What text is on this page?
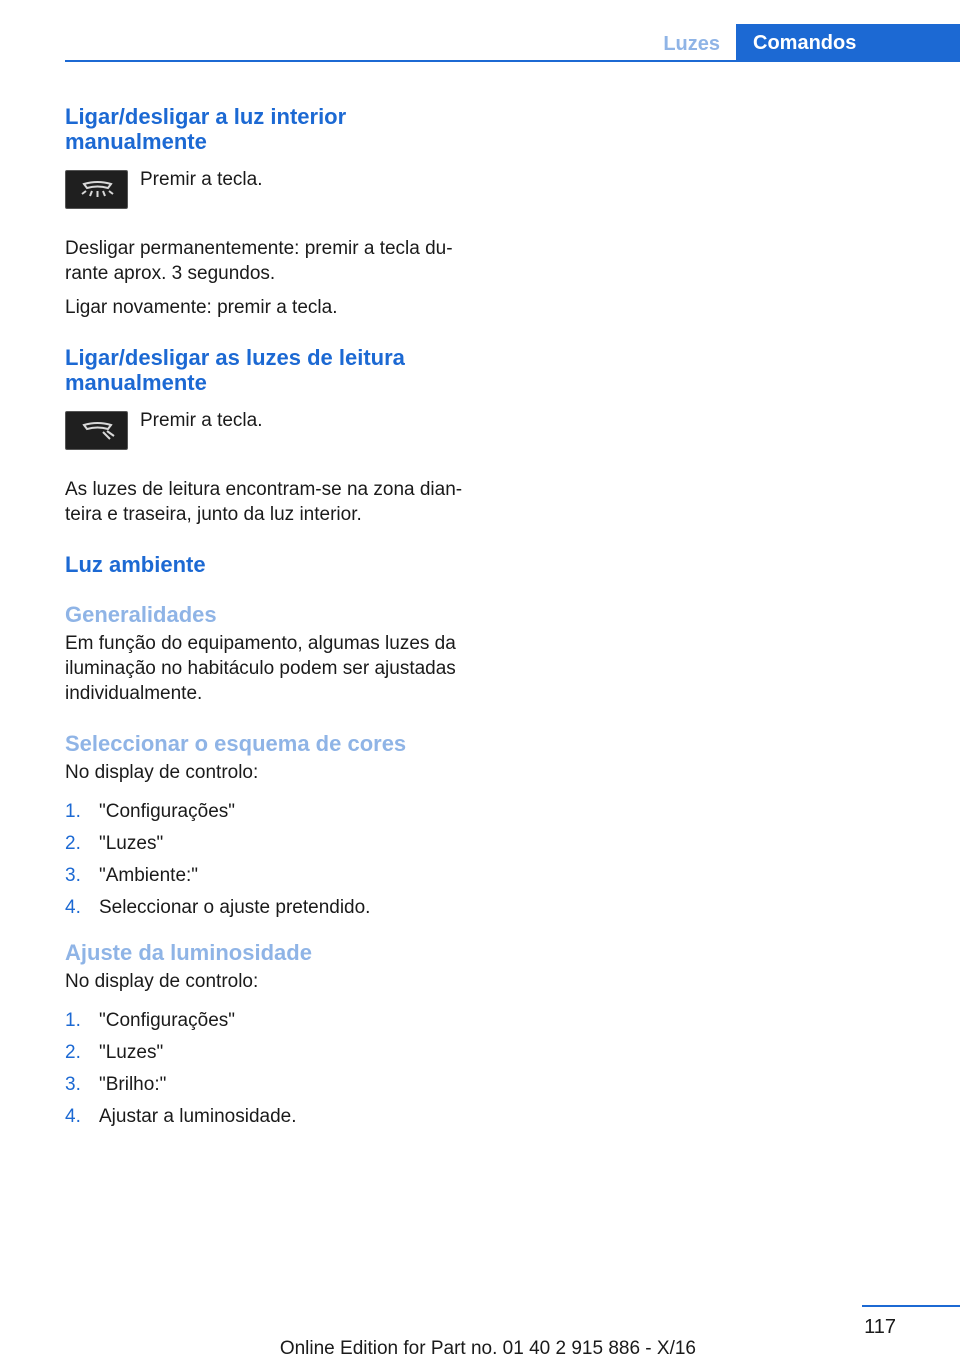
Luzes	Comandos
Ligar/desligar a luz interior manualmente

Premir a tecla.

Desligar permanentemente: premir a tecla du-rante aprox. 3 segundos.

Ligar novamente: premir a tecla.

Ligar/desligar as luzes de leitura manualmente

Premir a tecla.

As luzes de leitura encontram-se na zona dian-teira e traseira, junto da luz interior.

Luz ambiente
Generalidades

Em função do equipamento, algumas luzes da iluminação no habitáculo podem ser ajustadas individualmente.

Seleccionar o esquema de cores

No display de controlo:

1. "Configurações"
2. "Luzes"
3. "Ambiente:"
4. Seleccionar o ajuste pretendido.
Ajuste da luminosidade

No display de controlo:

1. "Configurações"
2. "Luzes"
3. "Brilho:"
4. Ajustar a luminosidade.
117
Online Edition for Part no. 01 40 2 915 886 - X/16
